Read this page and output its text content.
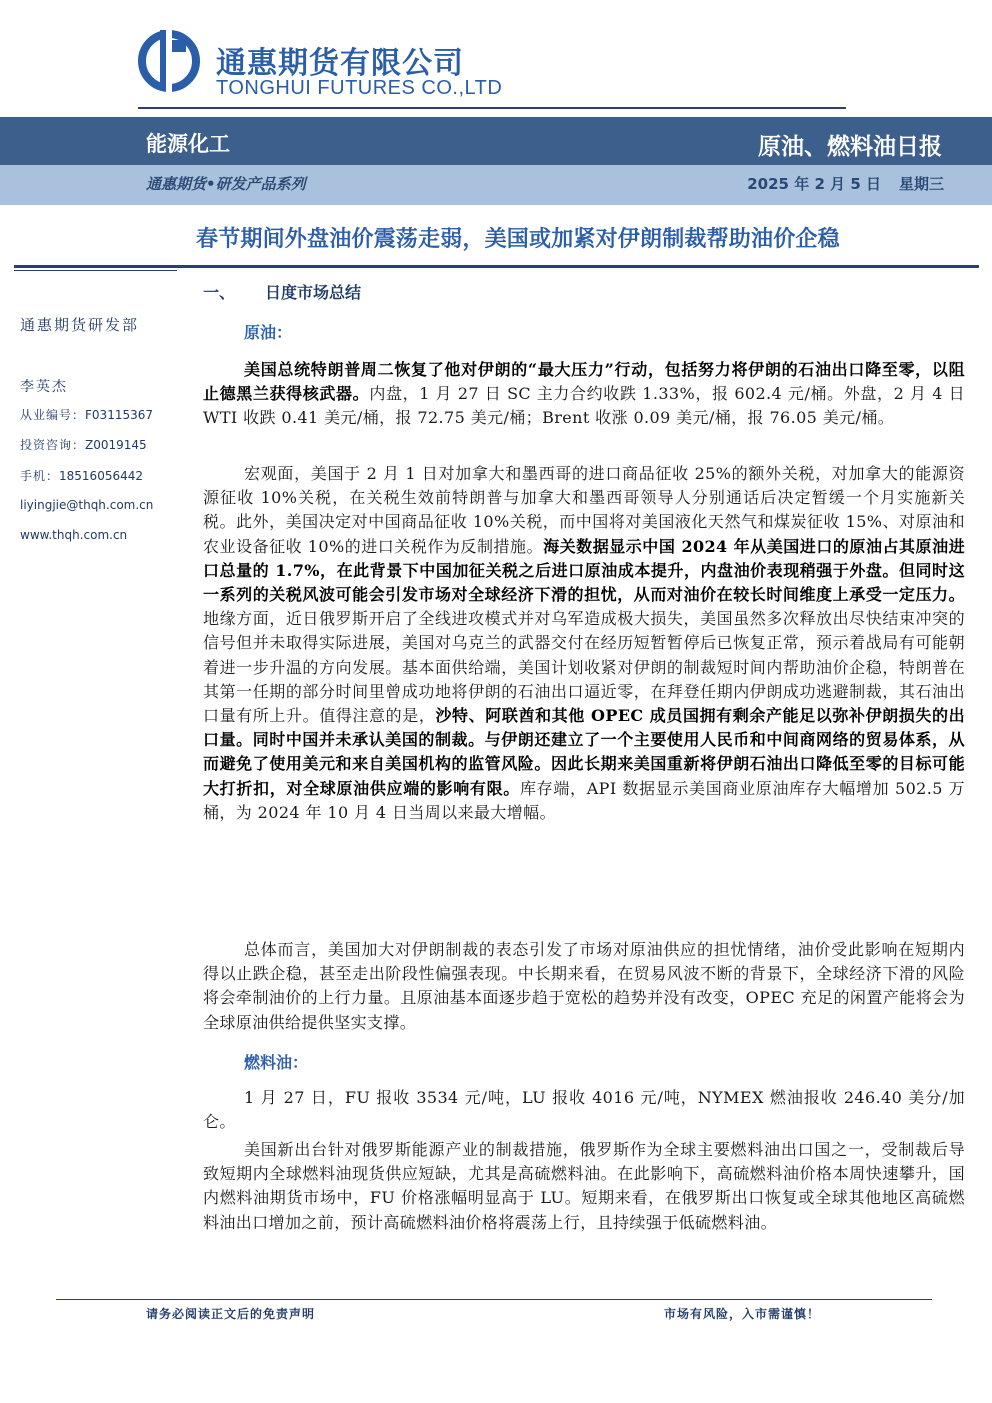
通惠期货有限公司
TONGHUI FUTURES CO.,LTD
能源化工	原油、燃料油日报
通惠期货•研发产品系列	2025 年 2 月 5 日 星期三
春节期间外盘油价震荡走弱，美国或加紧对伊朗制裁帮助油价企稳
通惠期货研发部
李英杰
从业编号：F03115367
投资咨询：Z0019145
手机：18516056442
liyingjie@thqh.com.cn
www.thqh.com.cn
一、 日度市场总结
原油：
美国总统特朗普周二恢复了他对伊朗的“最大压力”行动，包括努力将伊朗的石油出口降至零，以阻止德黑兰获得核武器。内盘，1 月 27 日 SC 主力合约收跌 1.33%，报 602.4 元/桶。外盘，2 月 4 日 WTI 收跌 0.41 美元/桶，报 72.75 美元/桶；Brent 收涨 0.09 美元/桶，报 76.05 美元/桶。
宏观面，美国于 2 月 1 日对加拿大和墨西哥的进口商品征收 25%的额外关税，对加拿大的能源资源征收 10%关税，在关税生效前特朗普与加拿大和墨西哥领导人分别通话后决定暂缓一个月实施新关税。此外，美国决定对中国商品征收 10%关税，而中国将对美国液化天然气和煤炭征收 15%、对原油和农业设备征收 10%的进口关税作为反制措施。海关数据显示中国 2024 年从美国进口的原油占其原油进口总量的 1.7%，在此背景下中国加征关税之后进口原油成本提升，内盘油价表现稍强于外盘。但同时这一系列的关税风波可能会引发市场对全球经济下滑的担忧，从而对油价在较长时间维度上承受一定压力。地缘方面，近日俄罗斯开启了全线进攻模式并对乌军造成极大损失，美国虽然多次释放出尽快结束冲突的信号但并未取得实际进展，美国对乌克兰的武器交付在经历短暂暂停后已恢复正常，预示着战局有可能朝着进一步升温的方向发展。基本面供给端，美国计划收紧对伊朗的制裁短时间内帮助油价企稳，特朗普在其第一任期的部分时间里曾成功地将伊朗的石油出口逼近零，在拜登任期内伊朗成功逃避制裁，其石油出口量有所上升。值得注意的是，沙特、阿联酋和其他 OPEC 成员国拥有剩余产能足以弥补伊朗损失的出口量。同时中国并未承认美国的制裁。与伊朗还建立了一个主要使用人民币和中间商网络的贸易体系，从而避免了使用美元和来自美国机构的监管风险。因此长期来美国重新将伊朗石油出口降低至零的目标可能大打折扣，对全球原油供应端的影响有限。库存端，API 数据显示美国商业原油库存大幅增加 502.5 万桶，为 2024 年 10 月 4 日当周以来最大增幅。
总体而言，美国加大对伊朗制裁的表态引发了市场对原油供应的担忧情绪，油价受此影响在短期内得以止跌企稳，甚至走出阶段性偏强表现。中长期来看，在贸易风波不断的背景下，全球经济下滑的风险将会牵制油价的上行力量。且原油基本面逐步趋于宽松的趋势并没有改变，OPEC 充足的闲置产能将会为全球原油供给提供坚实支撑。
燃料油：
1 月 27 日，FU 报收 3534 元/吨，LU 报收 4016 元/吨，NYMEX 燃油报收 246.40 美分/加仑。
美国新出台针对俄罗斯能源产业的制裁措施，俄罗斯作为全球主要燃料油出口国之一，受制裁后导致短期内全球燃料油现货供应短缺，尤其是高硫燃料油。在此影响下，高硫燃料油价格本周快速攀升，国内燃料油期货市场中，FU 价格涨幅明显高于 LU。短期来看，在俄罗斯出口恢复或全球其他地区高硫燃料油出口增加之前，预计高硫燃料油价格将震荡上行，且持续强于低硫燃料油。
请务必阅读正文后的免责声明	市场有风险，入市需谨慎！
